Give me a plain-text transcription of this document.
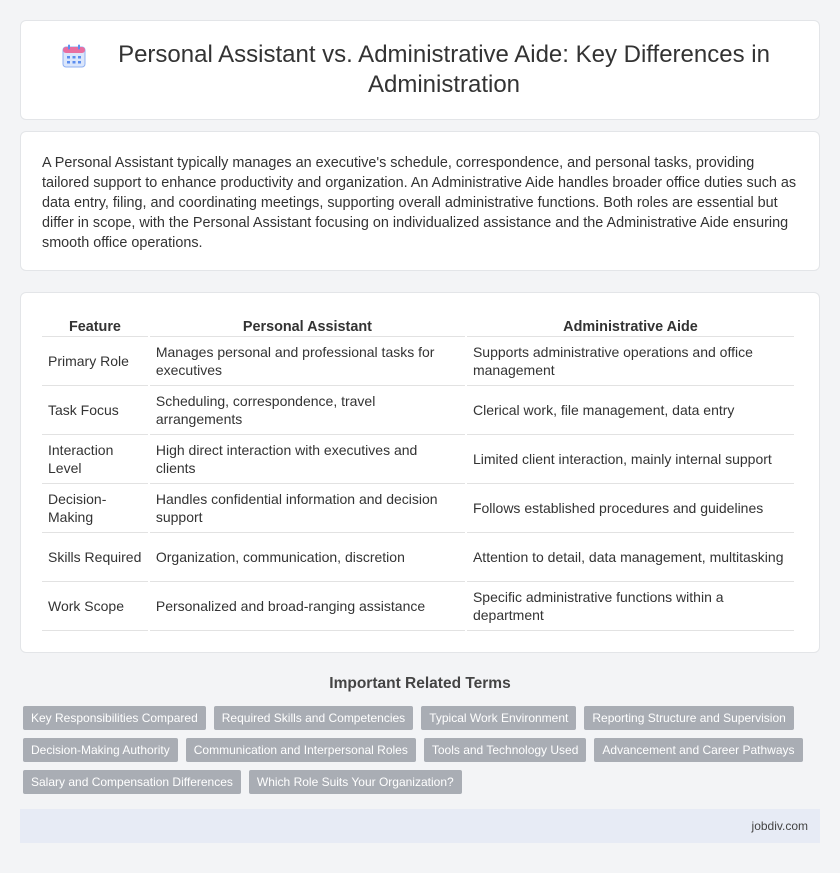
Personal Assistant vs. Administrative Aide: Key Differences in Administration

A Personal Assistant typically manages an executive's schedule, correspondence, and personal tasks, providing tailored support to enhance productivity and organization. An Administrative Aide handles broader office duties such as data entry, filing, and coordinating meetings, supporting overall administrative functions. Both roles are essential but differ in scope, with the Personal Assistant focusing on individualized assistance and the Administrative Aide ensuring smooth office operations.

Feature	Personal Assistant	Administrative Aide
Primary Role	Manages personal and professional tasks for executives	Supports administrative operations and office management
Task Focus	Scheduling, correspondence, travel arrangements	Clerical work, file management, data entry
Interaction Level	High direct interaction with executives and clients	Limited client interaction, mainly internal support
Decision-Making	Handles confidential information and decision support	Follows established procedures and guidelines
Skills Required	Organization, communication, discretion	Attention to detail, data management, multitasking
Work Scope	Personalized and broad-ranging assistance	Specific administrative functions within a department
Important Related Terms
Key Responsibilities Compared	Required Skills and Competencies	Typical Work Environment	Reporting Structure and Supervision
Decision-Making Authority	Communication and Interpersonal Roles	Tools and Technology Used	Advancement and Career Pathways
Salary and Compensation Differences	Which Role Suits Your Organization?
jobdiv.com
